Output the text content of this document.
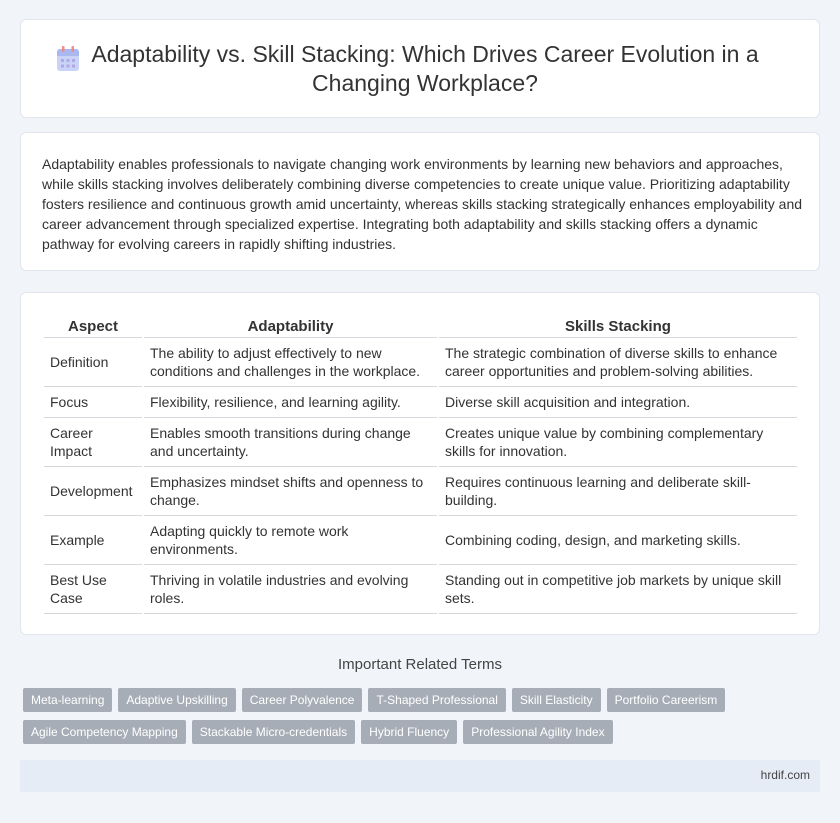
Adaptability vs. Skill Stacking: Which Drives Career Evolution in a Changing Workplace?

Adaptability enables professionals to navigate changing work environments by learning new behaviors and approaches, while skills stacking involves deliberately combining diverse competencies to create unique value. Prioritizing adaptability fosters resilience and continuous growth amid uncertainty, whereas skills stacking strategically enhances employability and career advancement through specialized expertise. Integrating both adaptability and skills stacking offers a dynamic pathway for evolving careers in rapidly shifting industries.

Aspect	Adaptability	Skills Stacking
Definition	The ability to adjust effectively to new conditions and challenges in the workplace.	The strategic combination of diverse skills to enhance career opportunities and problem-solving abilities.
Focus	Flexibility, resilience, and learning agility.	Diverse skill acquisition and integration.
Career Impact	Enables smooth transitions during change and uncertainty.	Creates unique value by combining complementary skills for innovation.
Development	Emphasizes mindset shifts and openness to change.	Requires continuous learning and deliberate skill-building.
Example	Adapting quickly to remote work environments.	Combining coding, design, and marketing skills.
Best Use Case	Thriving in volatile industries and evolving roles.	Standing out in competitive job markets by unique skill sets.
Important Related Terms
Meta-learning	Adaptive Upskilling	Career Polyvalence	T-Shaped Professional	Skill Elasticity	Portfolio Careerism
Agile Competency Mapping	Stackable Micro-credentials	Hybrid Fluency	Professional Agility Index
hrdif.com
